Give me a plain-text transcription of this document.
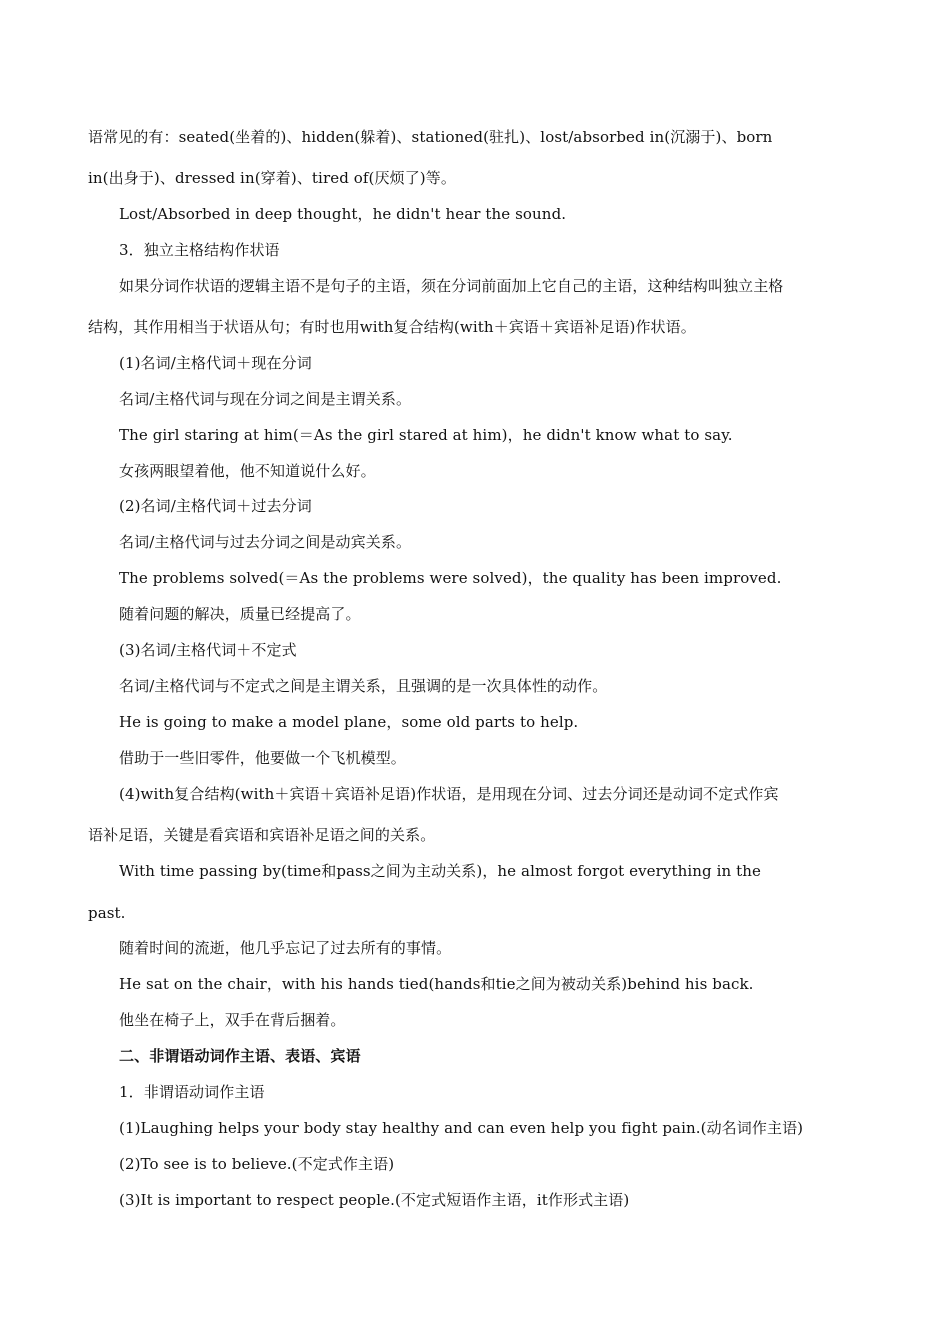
语常见的有：seated(坐着的)、hidden(躲着)、stationed(驻扎)、lost/absorbed in(沉溺于)、born
in(出身于)、dressed in(穿着)、tired of(厌烦了)等。
Lost/Absorbed in deep thought，he didn't hear the sound.
3．独立主格结构作状语
如果分词作状语的逻辑主语不是句子的主语，须在分词前面加上它自己的主语，这种结构叫独立主格
结构，其作用相当于状语从句；有时也用with复合结构(with＋宾语＋宾语补足语)作状语。
(1)名词/主格代词＋现在分词
名词/主格代词与现在分词之间是主谓关系。
The girl staring at him(＝As the girl stared at him)，he didn't know what to say.
女孩两眼望着他，他不知道说什么好。
(2)名词/主格代词＋过去分词
名词/主格代词与过去分词之间是动宾关系。
The problems solved(＝As the problems were solved)，the quality has been improved.
随着问题的解决，质量已经提高了。
(3)名词/主格代词＋不定式
名词/主格代词与不定式之间是主谓关系，且强调的是一次具体性的动作。
He is going to make a model plane，some old parts to help.
借助于一些旧零件，他要做一个飞机模型。
(4)with复合结构(with＋宾语＋宾语补足语)作状语，是用现在分词、过去分词还是动词不定式作宾
语补足语，关键是看宾语和宾语补足语之间的关系。
With time passing by(time和pass之间为主动关系)，he almost forgot everything in the
past.
随着时间的流逝，他几乎忘记了过去所有的事情。
He sat on the chair，with his hands tied(hands和tie之间为被动关系)behind his back.
他坐在椅子上，双手在背后捆着。
二、非谓语动词作主语、表语、宾语
1．非谓语动词作主语
(1)Laughing helps your body stay healthy and can even help you fight pain.(动名词作主语)
(2)To see is to believe.(不定式作主语)
(3)It is important to respect people.(不定式短语作主语，it作形式主语)
